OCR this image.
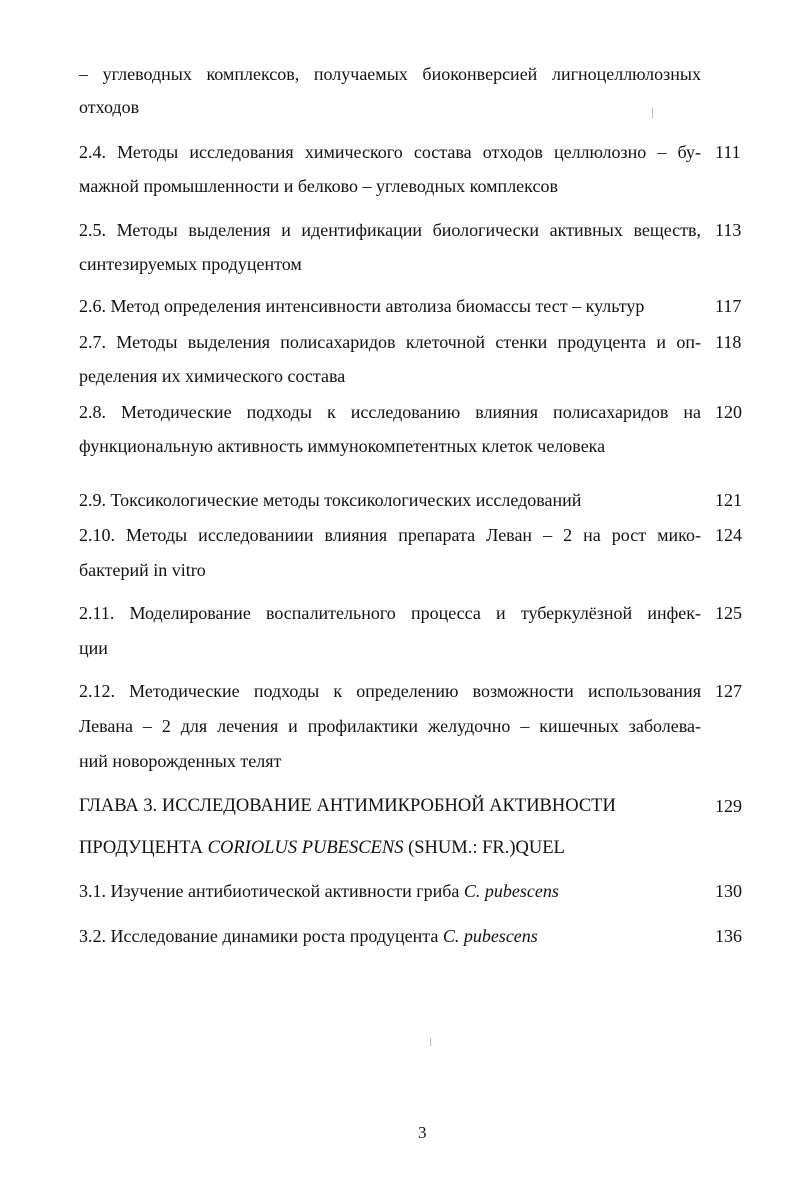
– углеводных комплексов, получаемых биоконверсией лигноцеллюлозных
отходов
2.4. Методы исследования химического состава отходов целлюлозно – бу-
мажной промышленности и белково – углеводных комплексов
111
2.5. Методы выделения и идентификации биологически активных веществ,
синтезируемых продуцентом
113
2.6. Метод определения интенсивности автолиза биомассы тест – культур	117
2.7. Методы выделения полисахаридов клеточной стенки продуцента и оп-
ределения их химического состава
118
2.8. Методические подходы к исследованию влияния полисахаридов на
функциональную активность иммунокомпетентных клеток человека
120
2.9. Токсикологические методы токсикологических исследований	121
2.10. Методы исследованиии влияния препарата Леван – 2 на рост мико-
бактерий in vitro
124
2.11. Моделирование воспалительного процесса и туберкулёзной инфек-
ции
125
2.12. Методические подходы к определению возможности использования
Левана – 2 для лечения и профилактики желудочно – кишечных заболева-
ний новорожденных телят
127
ГЛАВА 3. ИССЛЕДОВАНИЕ АНТИМИКРОБНОЙ АКТИВНОСТИ	129
ПРОДУЦЕНТА CORIOLUS PUBESCENS (SHUM.: FR.)QUEL
3.1. Изучение антибиотической активности гриба C. pubescens	130
3.2. Исследование динамики роста продуцента C. pubescens	136
3
